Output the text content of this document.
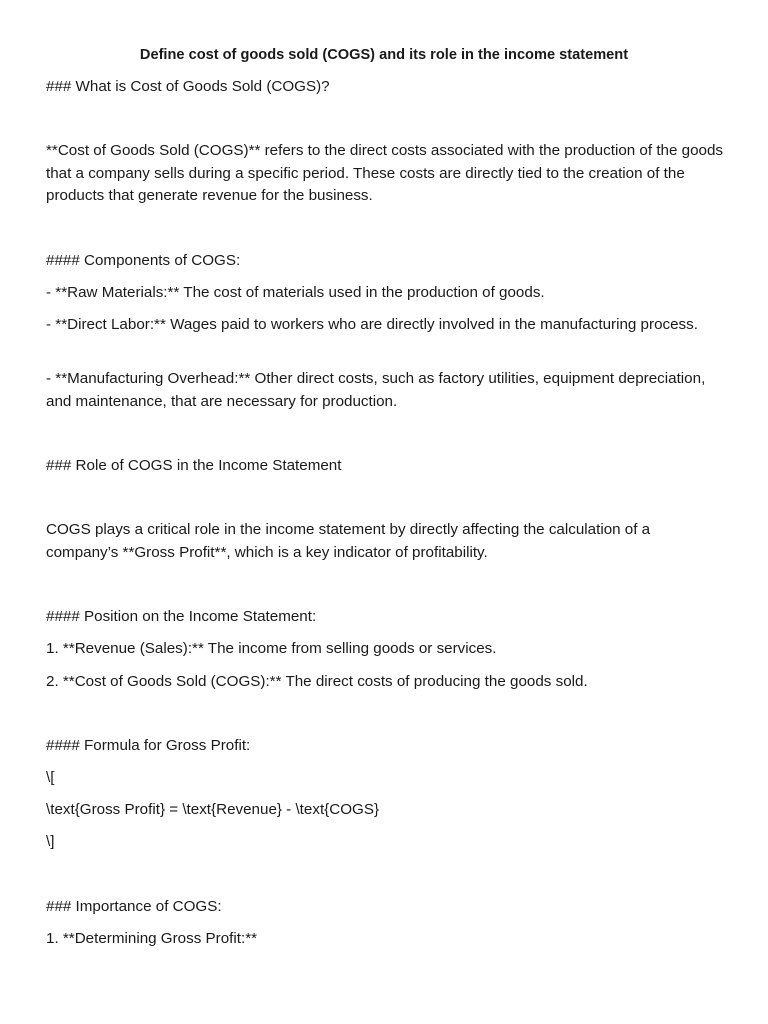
Define cost of goods sold (COGS) and its role in the income statement
### What is Cost of Goods Sold (COGS)?
**Cost of Goods Sold (COGS)** refers to the direct costs associated with the production of the goods that a company sells during a specific period. These costs are directly tied to the creation of the products that generate revenue for the business.
#### Components of COGS:
- **Raw Materials:** The cost of materials used in the production of goods.
- **Direct Labor:** Wages paid to workers who are directly involved in the manufacturing process.
- **Manufacturing Overhead:** Other direct costs, such as factory utilities, equipment depreciation, and maintenance, that are necessary for production.
### Role of COGS in the Income Statement
COGS plays a critical role in the income statement by directly affecting the calculation of a company’s **Gross Profit**, which is a key indicator of profitability.
#### Position on the Income Statement:
1. **Revenue (Sales):** The income from selling goods or services.
2. **Cost of Goods Sold (COGS):** The direct costs of producing the goods sold.
#### Formula for Gross Profit:
\[
\text{Gross Profit} = \text{Revenue} - \text{COGS}
\]
### Importance of COGS:
1. **Determining Gross Profit:**
